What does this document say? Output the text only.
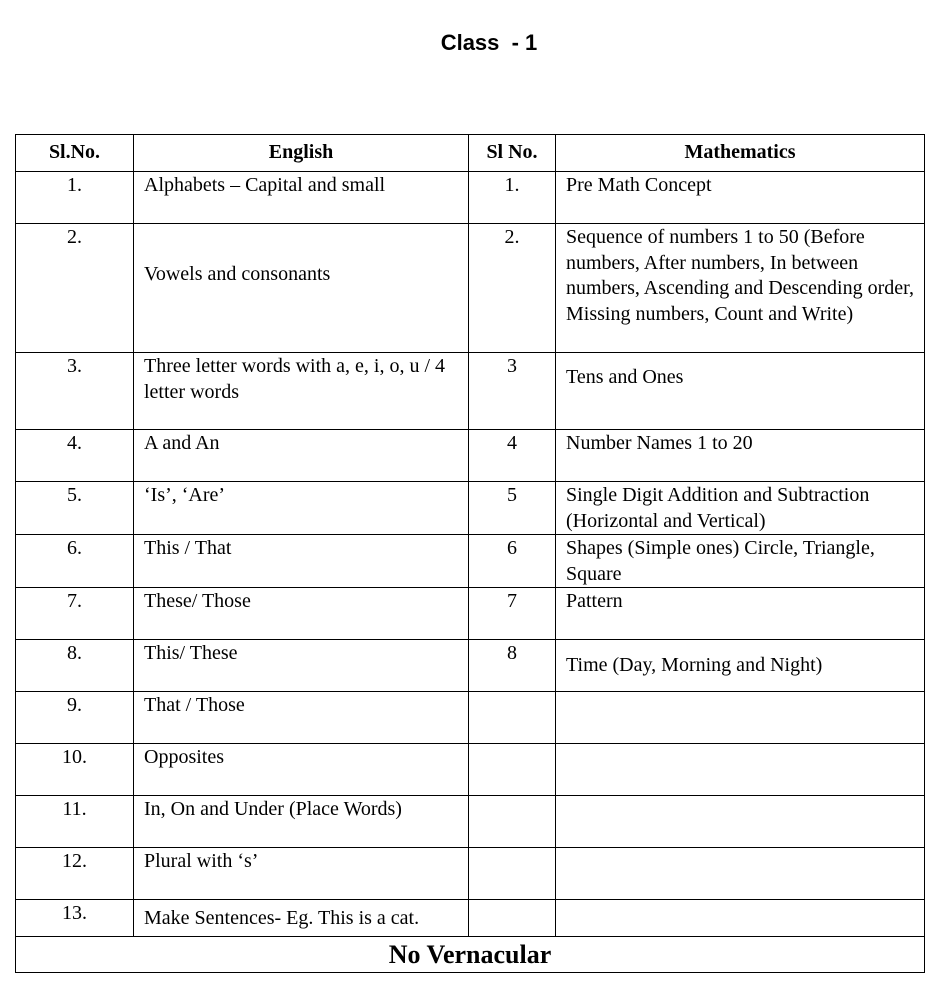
Class  - 1
Sl.No.	English	Sl No.	Mathematics
1.	Alphabets – Capital and small	1.	Pre Math Concept
2.	Vowels and consonants	2.	Sequence of numbers 1 to 50 (Before numbers, After numbers, In between numbers, Ascending and Descending order, Missing numbers, Count and Write)
3.	Three letter words with a, e, i, o, u / 4 letter words	3	Tens and Ones
4.	A and An	4	Number Names 1 to 20
5.	‘Is’, ‘Are’	5	Single Digit Addition and Subtraction (Horizontal and Vertical)
6.	This / That	6	Shapes (Simple ones) Circle, Triangle, Square
7.	These/ Those	7	Pattern
8.	This/ These	8	Time (Day, Morning and Night)
9.	That / Those		
10.	Opposites		
11.	In, On and Under (Place Words)		
12.	Plural with ‘s’		
13.	Make Sentences- Eg. This is a cat.		
No Vernacular			
